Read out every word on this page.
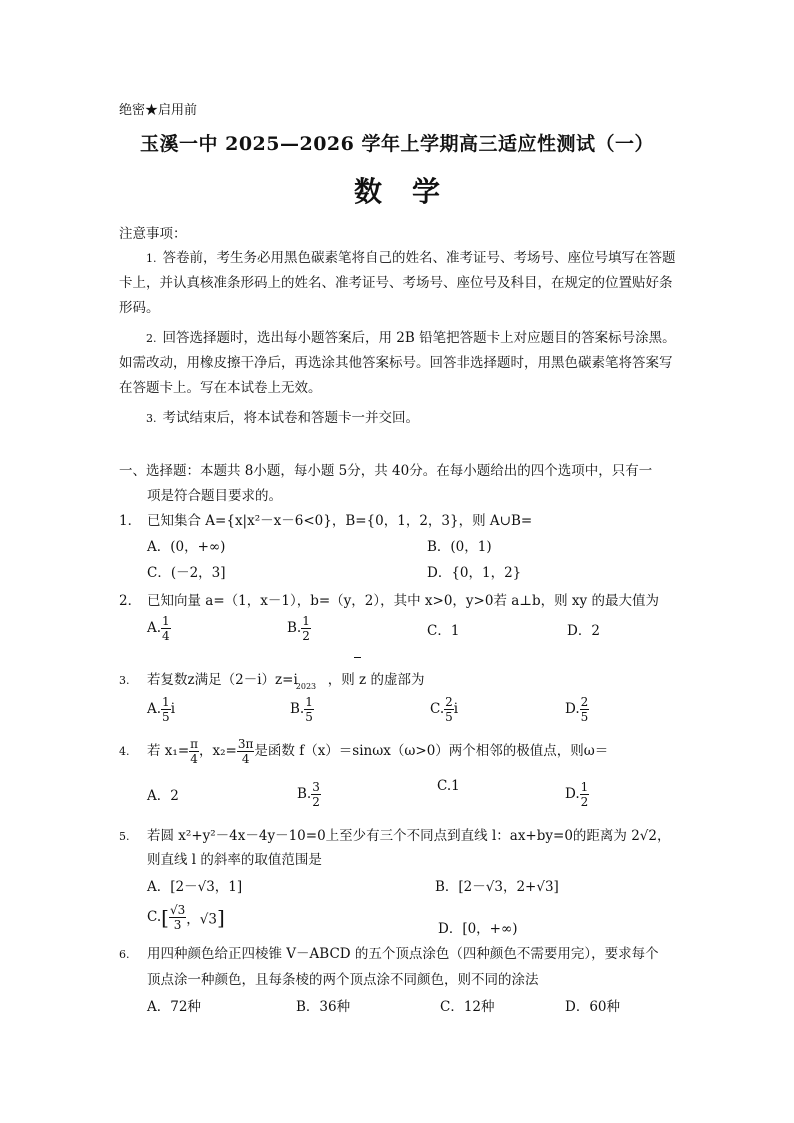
绝密★启用前
玉溪一中 2025—2026 学年上学期高三适应性测试（一）
数学
注意事项：
1. 答卷前，考生务必用黑色碳素笔将自己的姓名、准考证号、考场号、座位号填写在答题卡上，并认真核准条形码上的姓名、准考证号、考场号、座位号及科目，在规定的位置贴好条形码。
2. 回答选择题时，选出每小题答案后，用 2B 铅笔把答题卡上对应题目的答案标号涂黑。如需改动，用橡皮擦干净后，再选涂其他答案标号。回答非选择题时，用黑色碳素笔将答案写在答题卡上。写在本试卷上无效。
3. 考试结束后，将本试卷和答题卡一并交回。
一、选择题：本题共 8小题，每小题 5分，共 40分。在每小题给出的四个选项中，只有一
项是符合题目要求的。
1． 已知集合 A={x|x²－x－6<0}，B={0，1，2，3}，则 A∪B=
A．(0，+∞)	B．(0，1)
C．(－2，3]	D．{0，1，2}
2． 已知向量 a=（1，x－1），b=（y，2），其中 x>0，y>0若 a⊥b，则 xy 的最大值为
A. $\frac{1}{4}$	B. $\frac{1}{2}$	C．1	D．2
3. 若复数z满足（2－i）z=i
2023 ，则 z 的虚部为
A. $\frac{1}{5}$ i	B. $\frac{1}{5}$	C. $\frac{2}{5}$ i	D. $\frac{2}{5}$
4. 若 $x_1= \frac{\pi}{4}$ ，$x_2= \frac{3\pi}{4}$ 是函数 f（x）＝sinωx（ω>0）两个相邻的极值点，则ω＝
A．2	B. $\frac{3}{2}$	C.1	D. $\frac{1}{2}$
5. 若圆 x²+y²－4x－4y－10=0上至少有三个不同点到直线 l：ax+by=0的距离为 2√2，
则直线 l 的斜率的取值范围是
A．[2－√3，1]	B．[2－√3，2+√3]
$C.[ \frac{√3}{3}$ ，√3]	D．[0，+∞)
6. 用四种颜色给正四棱锥 V－ABCD 的五个顶点涂色（四种颜色不需要用完），要求每个
顶点涂一种颜色，且每条棱的两个顶点涂不同颜色，则不同的涂法
A．72种	B．36种	C．12种	D．60种
